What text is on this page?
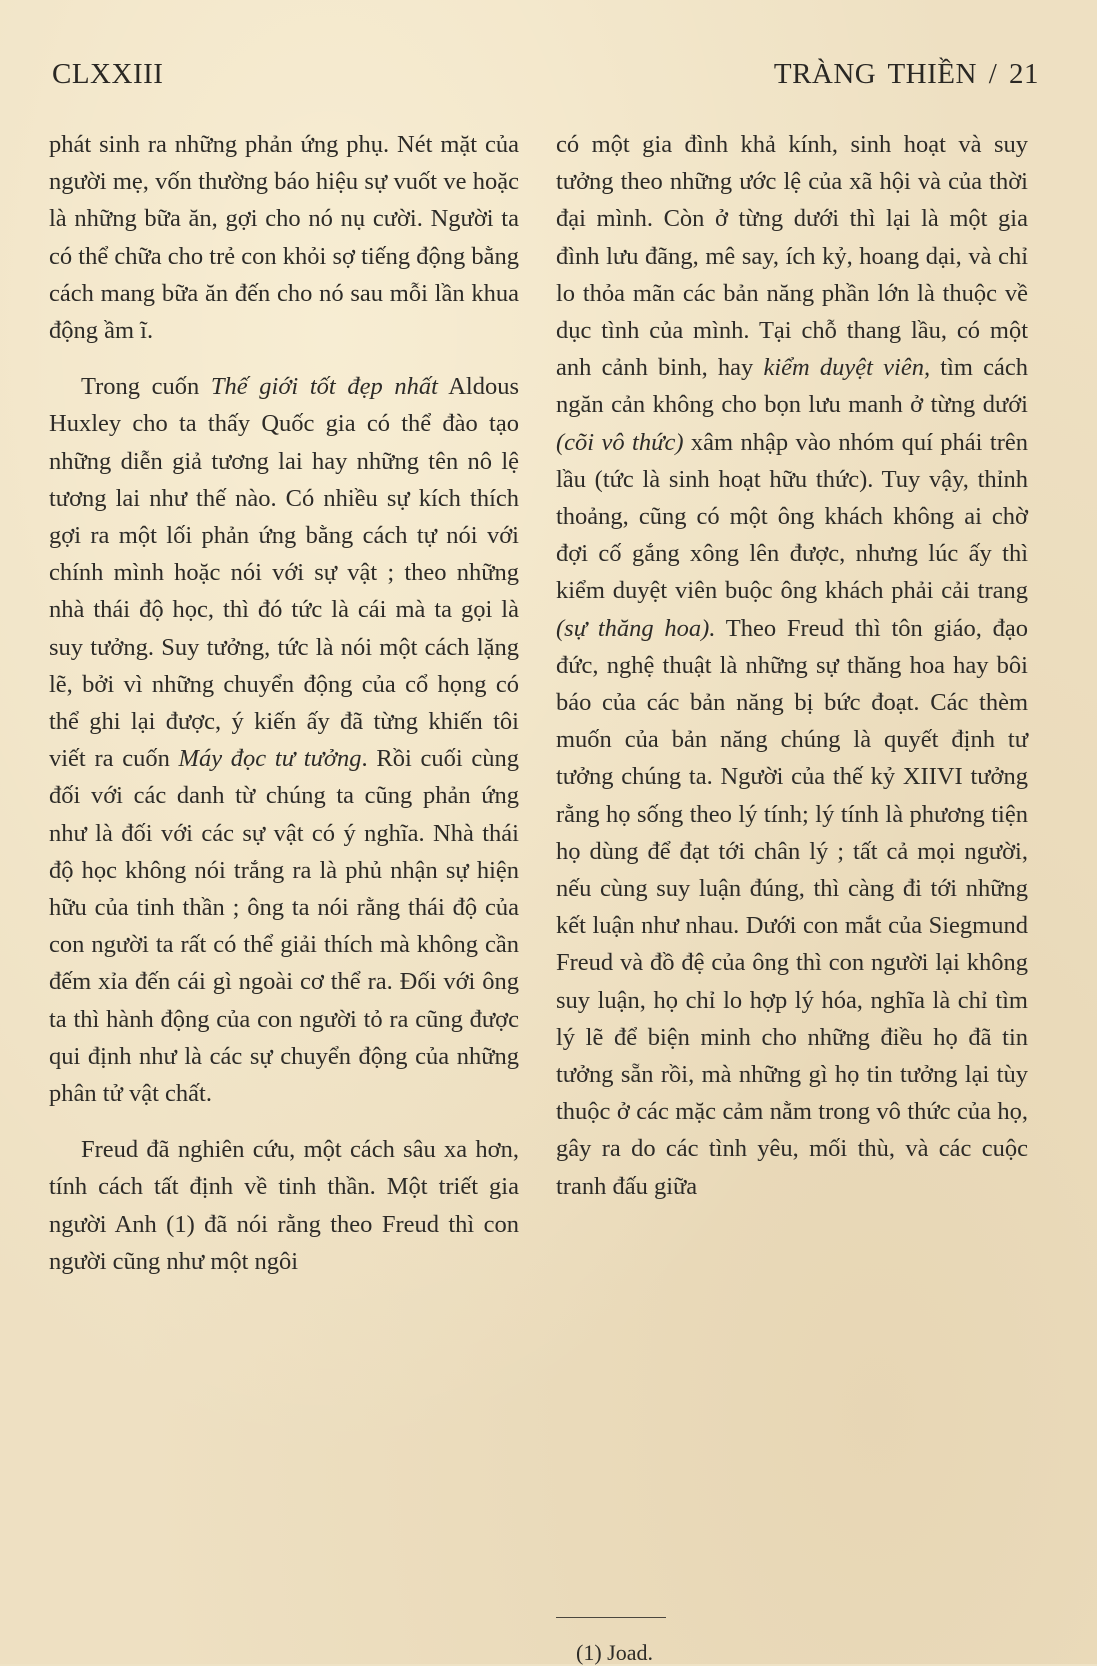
CLXXIII	TRÀNG THIỀN / 21

phát sinh ra những phản ứng phụ. Nét mặt của người mẹ, vốn thường báo hiệu sự vuốt ve hoặc là những bữa ăn, gợi cho nó nụ cười. Người ta có thể chữa cho trẻ con khỏi sợ tiếng động bằng cách mang bữa ăn đến cho nó sau mỗi lần khua động ầm ĩ.

Trong cuốn Thế giới tốt đẹp nhất Aldous Huxley cho ta thấy Quốc gia có thể đào tạo những diễn giả tương lai hay những tên nô lệ tương lai như thế nào. Có nhiều sự kích thích gợi ra một lối phản ứng bằng cách tự nói với chính mình hoặc nói với sự vật ; theo những nhà thái độ học, thì đó tức là cái mà ta gọi là suy tưởng. Suy tưởng, tức là nói một cách lặng lẽ, bởi vì những chuyển động của cổ họng có thể ghi lại được, ý kiến ấy đã từng khiến tôi viết ra cuốn Máy đọc tư tưởng. Rồi cuối cùng đối với các danh từ chúng ta cũng phản ứng như là đối với các sự vật có ý nghĩa. Nhà thái độ học không nói trắng ra là phủ nhận sự hiện hữu của tinh thần ; ông ta nói rằng thái độ của con người ta rất có thể giải thích mà không cần đếm xỉa đến cái gì ngoài cơ thể ra. Đối với ông ta thì hành động của con người tỏ ra cũng được qui định như là các sự chuyển động của những phân tử vật chất.

Freud đã nghiên cứu, một cách sâu xa hơn, tính cách tất định về tinh thần. Một triết gia người Anh (1) đã nói rằng theo Freud thì con người cũng như một ngôi

có một gia đình khả kính, sinh hoạt và suy tưởng theo những ước lệ của xã hội và của thời đại mình. Còn ở từng dưới thì lại là một gia đình lưu đãng, mê say, ích kỷ, hoang dại, và chỉ lo thỏa mãn các bản năng phần lớn là thuộc về dục tình của mình. Tại chỗ thang lầu, có một anh cảnh binh, hay kiểm duyệt viên, tìm cách ngăn cản không cho bọn lưu manh ở từng dưới (cõi vô thức) xâm nhập vào nhóm quí phái trên lầu (tức là sinh hoạt hữu thức). Tuy vậy, thỉnh thoảng, cũng có một ông khách không ai chờ đợi cố gắng xông lên được, nhưng lúc ấy thì kiểm duyệt viên buộc ông khách phải cải trang (sự thăng hoa). Theo Freud thì tôn giáo, đạo đức, nghệ thuật là những sự thăng hoa hay bôi báo của các bản năng bị bức đoạt. Các thèm muốn của bản năng chúng là quyết định tư tưởng chúng ta. Người của thế kỷ XIIVI tưởng rằng họ sống theo lý tính; lý tính là phương tiện họ dùng để đạt tới chân lý ; tất cả mọi người, nếu cùng suy luận đúng, thì càng đi tới những kết luận như nhau. Dưới con mắt của Siegmund Freud và đồ đệ của ông thì con người lại không suy luận, họ chỉ lo hợp lý hóa, nghĩa là chỉ tìm lý lẽ để biện minh cho những điều họ đã tin tưởng sẵn rồi, mà những gì họ tin tưởng lại tùy thuộc ở các mặc cảm nằm trong vô thức của họ, gây ra do các tình yêu, mối thù, và các cuộc tranh đấu giữa

(1) Joad.
